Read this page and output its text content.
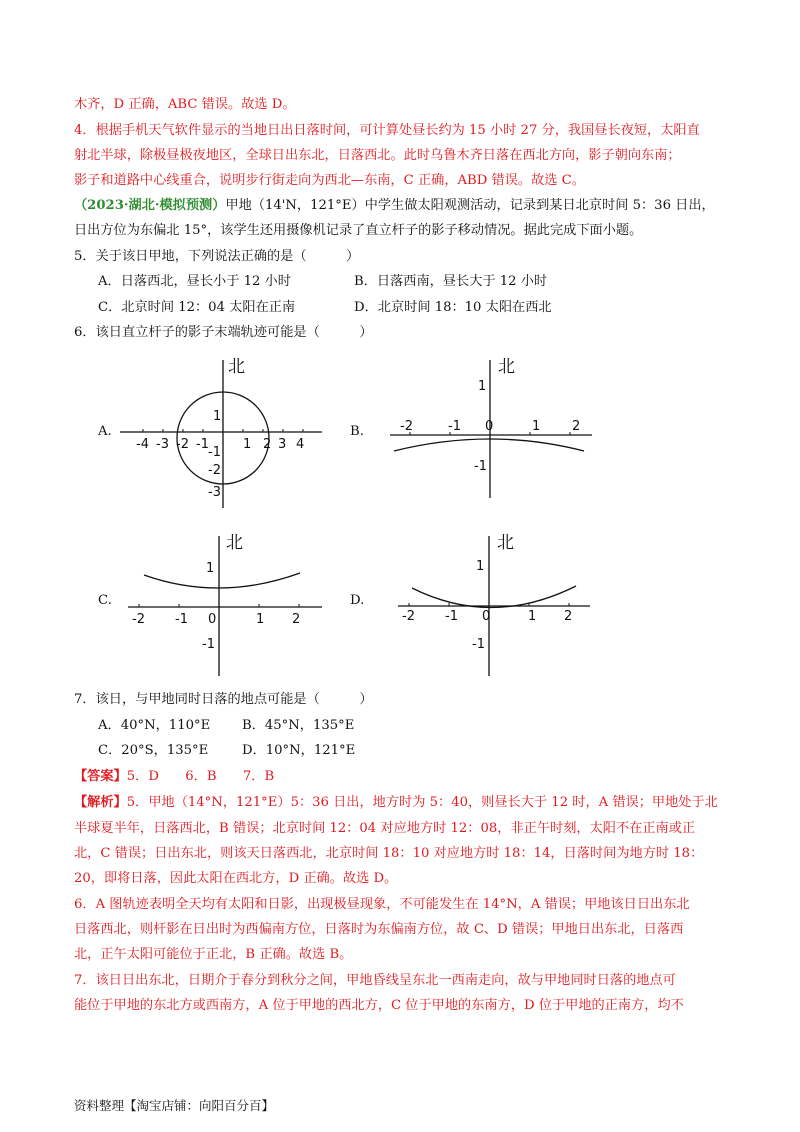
木齐，D 正确，ABC 错误。故选 D。
4．根据手机天气软件显示的当地日出日落时间，可计算处昼长约为 15 小时 27 分，我国昼长夜短，太阳直
射北半球，除极昼极夜地区，全球日出东北，日落西北。此时乌鲁木齐日落在西北方向，影子朝向东南；
影子和道路中心线重合，说明步行街走向为西北—东南，C 正确，ABD 错误。故选 C。
（2023·湖北·模拟预测）甲地（14'N，121°E）中学生做太阳观测活动，记录到某日北京时间 5：36 日出，
日出方位为东偏北 15°，该学生还用摄像机记录了直立杆子的影子移动情况。据此完成下面小题。
5．关于该日甲地，下列说法正确的是（　　　）
A．日落西北，昼长小于 12 小时	B．日落西南，昼长大于 12 小时
C．北京时间 12：04 太阳在正南	D．北京时间 18：10 太阳在西北
6．该日直立杆子的影子末端轨迹可能是（　　　）
A.	B.
C.	D.
北
-4 -3 -2 -1	1 2 3 4
1
-1
-2
-3
北
-2	-1 0	1 2
1
-1
北
-2 -1 0	1 2
1
-1
北
-2 -1 0	1 2
1
-1
7．该日，与甲地同时日落的地点可能是（　　　）
A．40°N，110°E B．45°N，135°E
C．20°S，135°E	D．10°N，121°E
【答案】5．D　　6．B　　7．B
【解析】5．甲地（14°N，121°E）5：36 日出，地方时为 5：40，则昼长大于 12 时，A 错误；甲地处于北
半球夏半年，日落西北，B 错误；北京时间 12：04 对应地方时 12：08，非正午时刻，太阳不在正南或正
北，C 错误；日出东北，则该天日落西北，北京时间 18：10 对应地方时 18：14，日落时间为地方时 18：
20，即将日落，因此太阳在西北方，D 正确。故选 D。
6．A 图轨迹表明全天均有太阳和日影，出现极昼现象，不可能发生在 14°N，A 错误；甲地该日日出东北
日落西北，则杆影在日出时为西偏南方位，日落时为东偏南方位，故 C、D 错误；甲地日出东北，日落西
北，正午太阳可能位于正北，B 正确。故选 B。
7．该日日出东北，日期介于春分到秋分之间，甲地昏线呈东北一西南走向，故与甲地同时日落的地点可
能位于甲地的东北方或西南方，A 位于甲地的西北方，C 位于甲地的东南方，D 位于甲地的正南方，均不
资料整理【淘宝店铺：向阳百分百】
